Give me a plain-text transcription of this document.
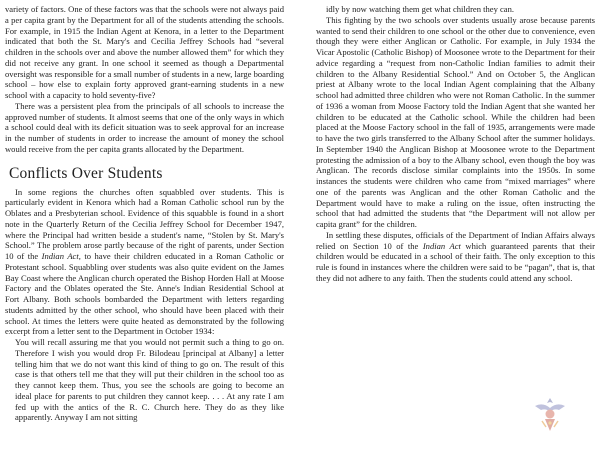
variety of factors. One of these factors was that the schools were not always paid a per capita grant by the Department for all of the students attending the schools. For example, in 1915 the Indian Agent at Kenora, in a letter to the Department indicated that both the St. Mary's and Cecilia Jeffrey Schools had “several children in the schools over and above the number allowed them” for which they did not receive any grant. In one school it seemed as though a Departmental oversight was responsible for a small number of students in a new, large boarding school – how else to explain forty approved grant-earning students in a new school with a capacity to hold seventy-five?

There was a persistent plea from the principals of all schools to increase the approved number of students. It almost seems that one of the only ways in which a school could deal with its deficit situation was to seek approval for an increase in the number of students in order to increase the amount of money the school would receive from the per capita grants allocated by the Department.

Conflicts Over Students

In some regions the churches often squabbled over students. This is particularly evident in Kenora which had a Roman Catholic school run by the Oblates and a Presbyterian school. Evidence of this squabble is found in a short note in the Quarterly Return of the Cecilia Jeffrey School for December 1947, where the Principal had written beside a student's name, “Stolen by St. Mary's School.” The problem arose partly because of the right of parents, under Section 10 of the Indian Act, to have their children educated in a Roman Catholic or Protestant school. Squabbling over students was also quite evident on the James Bay Coast where the Anglican church operated the Bishop Horden Hall at Moose Factory and the Oblates operated the Ste. Anne's Indian Residential School at Fort Albany. Both schools bombarded the Department with letters regarding students admitted by the other school, who should have been placed with their school. At times the letters were quite heated as demonstrated by the following excerpt from a letter sent to the Department in October 1934:

You will recall assuring me that you would not permit such a thing to go on. Therefore I wish you would drop Fr. Bilodeau [principal at Albany] a letter telling him that we do not want this kind of thing to go on. The result of this case is that others tell me that they will put their children in the school too as they cannot keep them. Thus, you see the schools are going to become an ideal place for parents to put children they cannot keep. . . . At any rate I am fed up with the antics of the R. C. Church here. They do as they like apparently. Anyway I am not sitting

idly by now watching them get what children they can.

This fighting by the two schools over students usually arose because parents wanted to send their children to one school or the other due to convenience, even though they were either Anglican or Catholic. For example, in July 1934 the Vicar Apostolic (Catholic Bishop) of Moosonee wrote to the Department for their advice regarding a “request from non-Catholic Indian families to admit their children to the Albany Residential School.” And on October 5, the Anglican priest at Albany wrote to the local Indian Agent complaining that the Albany school had admitted three children who were not Roman Catholic. In the summer of 1936 a woman from Moose Factory told the Indian Agent that she wanted her children to be educated at the Catholic school. While the children had been placed at the Moose Factory school in the fall of 1935, arrangements were made to have the two girls transferred to the Albany School after the summer holidays. In September 1940 the Anglican Bishop at Moosonee wrote to the Department protesting the admission of a boy to the Albany school, even though the boy was Anglican. The records disclose similar complaints into the 1950s. In some instances the students were children who came from “mixed marriages” where one of the parents was Anglican and the other Roman Catholic and the Department would have to make a ruling on the issue, often instructing the school that had admitted the students that “the Department will not allow per capita grant” for the children.

In settling these disputes, officials of the Department of Indian Affairs always relied on Section 10 of the Indian Act which guaranteed parents that their children would be educated in a school of their faith. The only exception to this rule is found in instances where the children were said to be “pagan”, that is, that they did not adhere to any faith. Then the students could attend any school.
